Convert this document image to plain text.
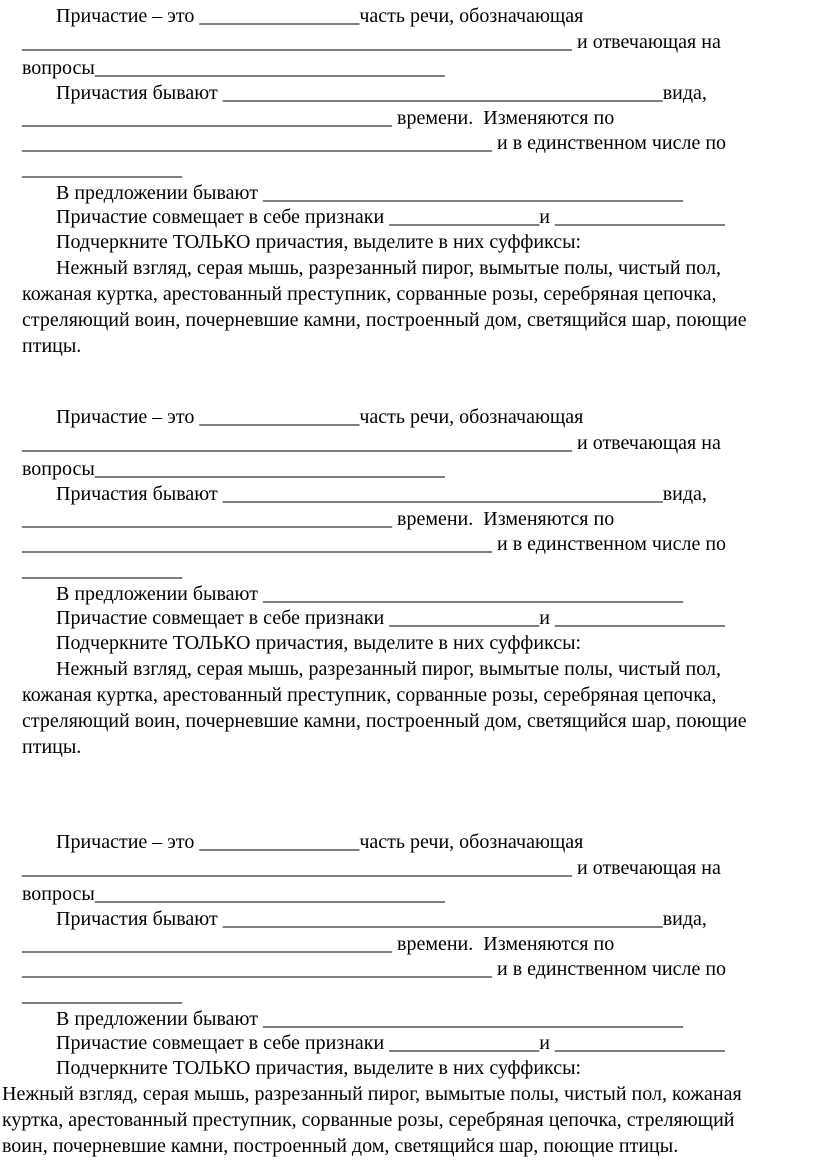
Причастие – это ________________часть речи, обозначающая
_______________________________________________________ и отвечающая на
вопросы___________________________________
Причастия бывают ____________________________________________вида,
_____________________________________ времени.  Изменяются по
_______________________________________________ и в единственном числе по
________________
В предложении бывают __________________________________________
Причастие совмещает в себе признаки _______________и _________________
Подчеркните ТОЛЬКО причастия, выделите в них суффиксы:
Нежный взгляд, серая мышь, разрезанный пирог, вымытые полы, чистый пол,
кожаная куртка, арестованный преступник, сорванные розы, серебряная цепочка,
стреляющий воин, почерневшие камни, построенный дом, светящийся шар, поющие
птицы.
Причастие – это ________________часть речи, обозначающая
_______________________________________________________ и отвечающая на
вопросы___________________________________
Причастия бывают ____________________________________________вида,
_____________________________________ времени.  Изменяются по
_______________________________________________ и в единственном числе по
________________
В предложении бывают __________________________________________
Причастие совмещает в себе признаки _______________и _________________
Подчеркните ТОЛЬКО причастия, выделите в них суффиксы:
Нежный взгляд, серая мышь, разрезанный пирог, вымытые полы, чистый пол,
кожаная куртка, арестованный преступник, сорванные розы, серебряная цепочка,
стреляющий воин, почерневшие камни, построенный дом, светящийся шар, поющие
птицы.
Причастие – это ________________часть речи, обозначающая
_______________________________________________________ и отвечающая на
вопросы___________________________________
Причастия бывают ____________________________________________вида,
_____________________________________ времени.  Изменяются по
_______________________________________________ и в единственном числе по
________________
В предложении бывают __________________________________________
Причастие совмещает в себе признаки _______________и _________________
Подчеркните ТОЛЬКО причастия, выделите в них суффиксы:
Нежный взгляд, серая мышь, разрезанный пирог, вымытые полы, чистый пол, кожаная
куртка, арестованный преступник, сорванные розы, серебряная цепочка, стреляющий
воин, почерневшие камни, построенный дом, светящийся шар, поющие птицы.
